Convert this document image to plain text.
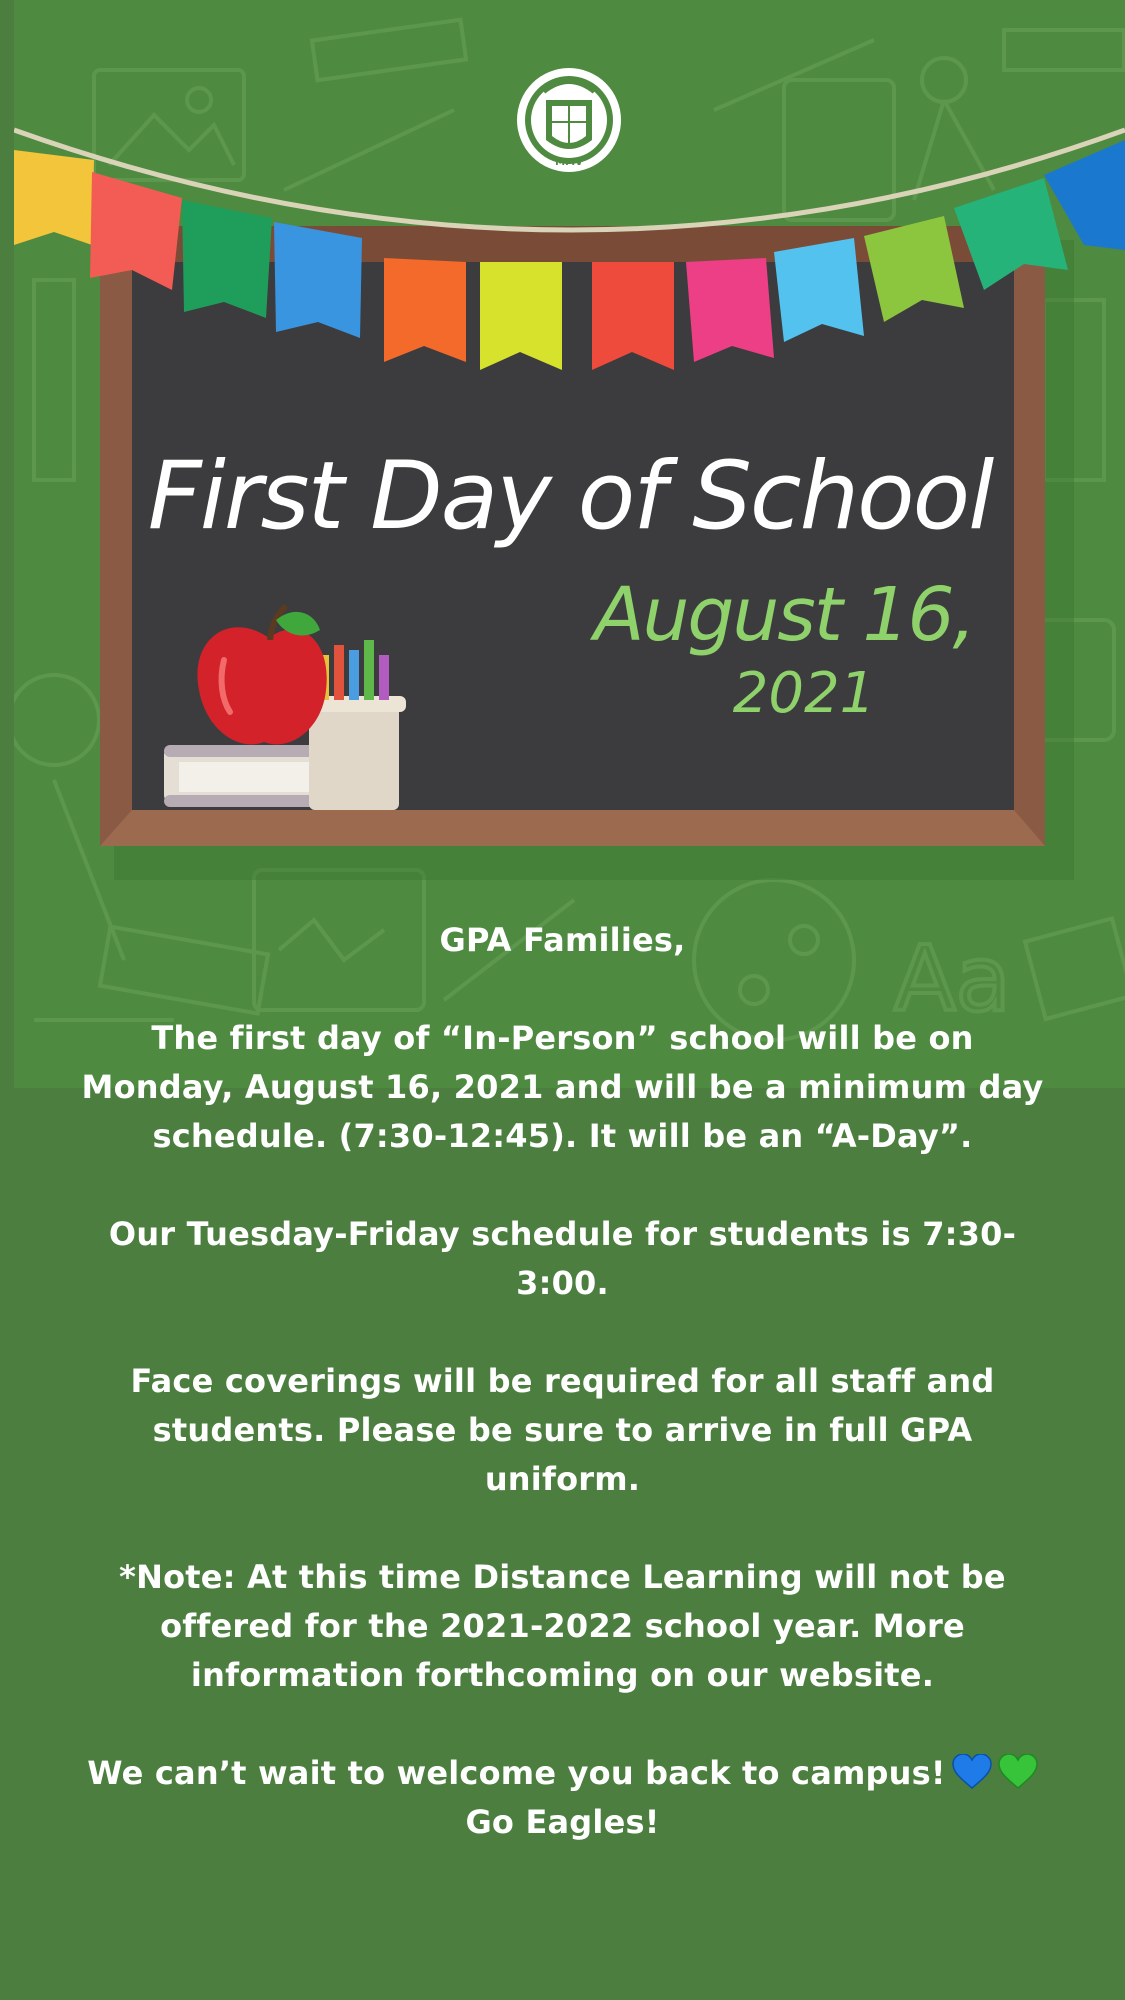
Aa
MMV
First Day of School
August 16,
2021

GPA Families,

The first day of “In-Person” school will be on Monday, August 16, 2021 and will be a minimum day schedule. (7:30-12:45). It will be an “A-Day”.

Our Tuesday-Friday schedule for students is 7:30-3:00.

Face coverings will be required for all staff and students. Please be sure to arrive in full GPA uniform.

*Note: At this time Distance Learning will not be offered for the 2021-2022 school year. More information forthcoming on our website.

We can’t wait to welcome you back to campus!

Go Eagles!
